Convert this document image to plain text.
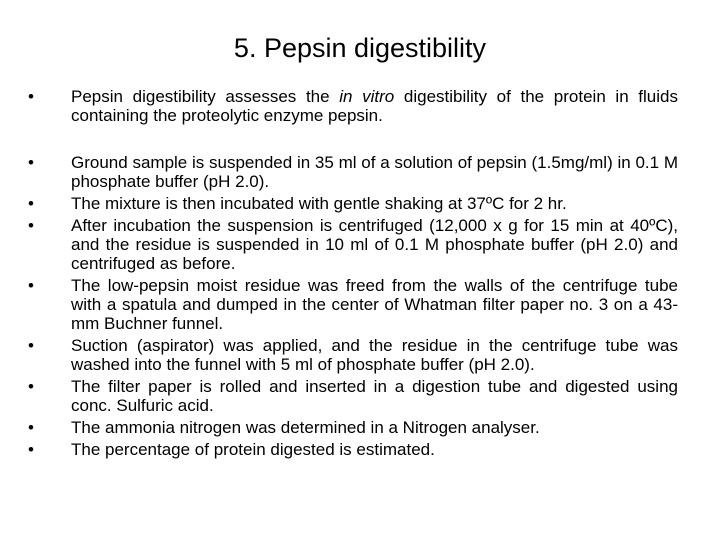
5. Pepsin digestibility
•	Pepsin digestibility assesses the in vitro digestibility of the protein in fluids containing the proteolytic enzyme pepsin.
•	Ground sample is suspended in 35 ml of a solution of pepsin (1.5mg/ml) in 0.1 M phosphate buffer (pH 2.0).
•	The mixture is then incubated with gentle shaking at 37ºC for 2 hr.
•	After incubation the suspension is centrifuged (12,000 x g for 15 min at 40ºC), and the residue is suspended in 10 ml of 0.1 M phosphate buffer (pH 2.0) and centrifuged as before.
•	The low-pepsin moist residue was freed from the walls of the centrifuge tube with a spatula and dumped in the center of Whatman filter paper no. 3 on a 43-mm Buchner funnel.
•	Suction (aspirator) was applied, and the residue in the centrifuge tube was washed into the funnel with 5 ml of phosphate buffer (pH 2.0).
•	The filter paper is rolled and inserted in a digestion tube and digested using conc. Sulfuric acid.
•	The ammonia nitrogen was determined in a Nitrogen analyser.
•	The percentage of protein digested is estimated.
